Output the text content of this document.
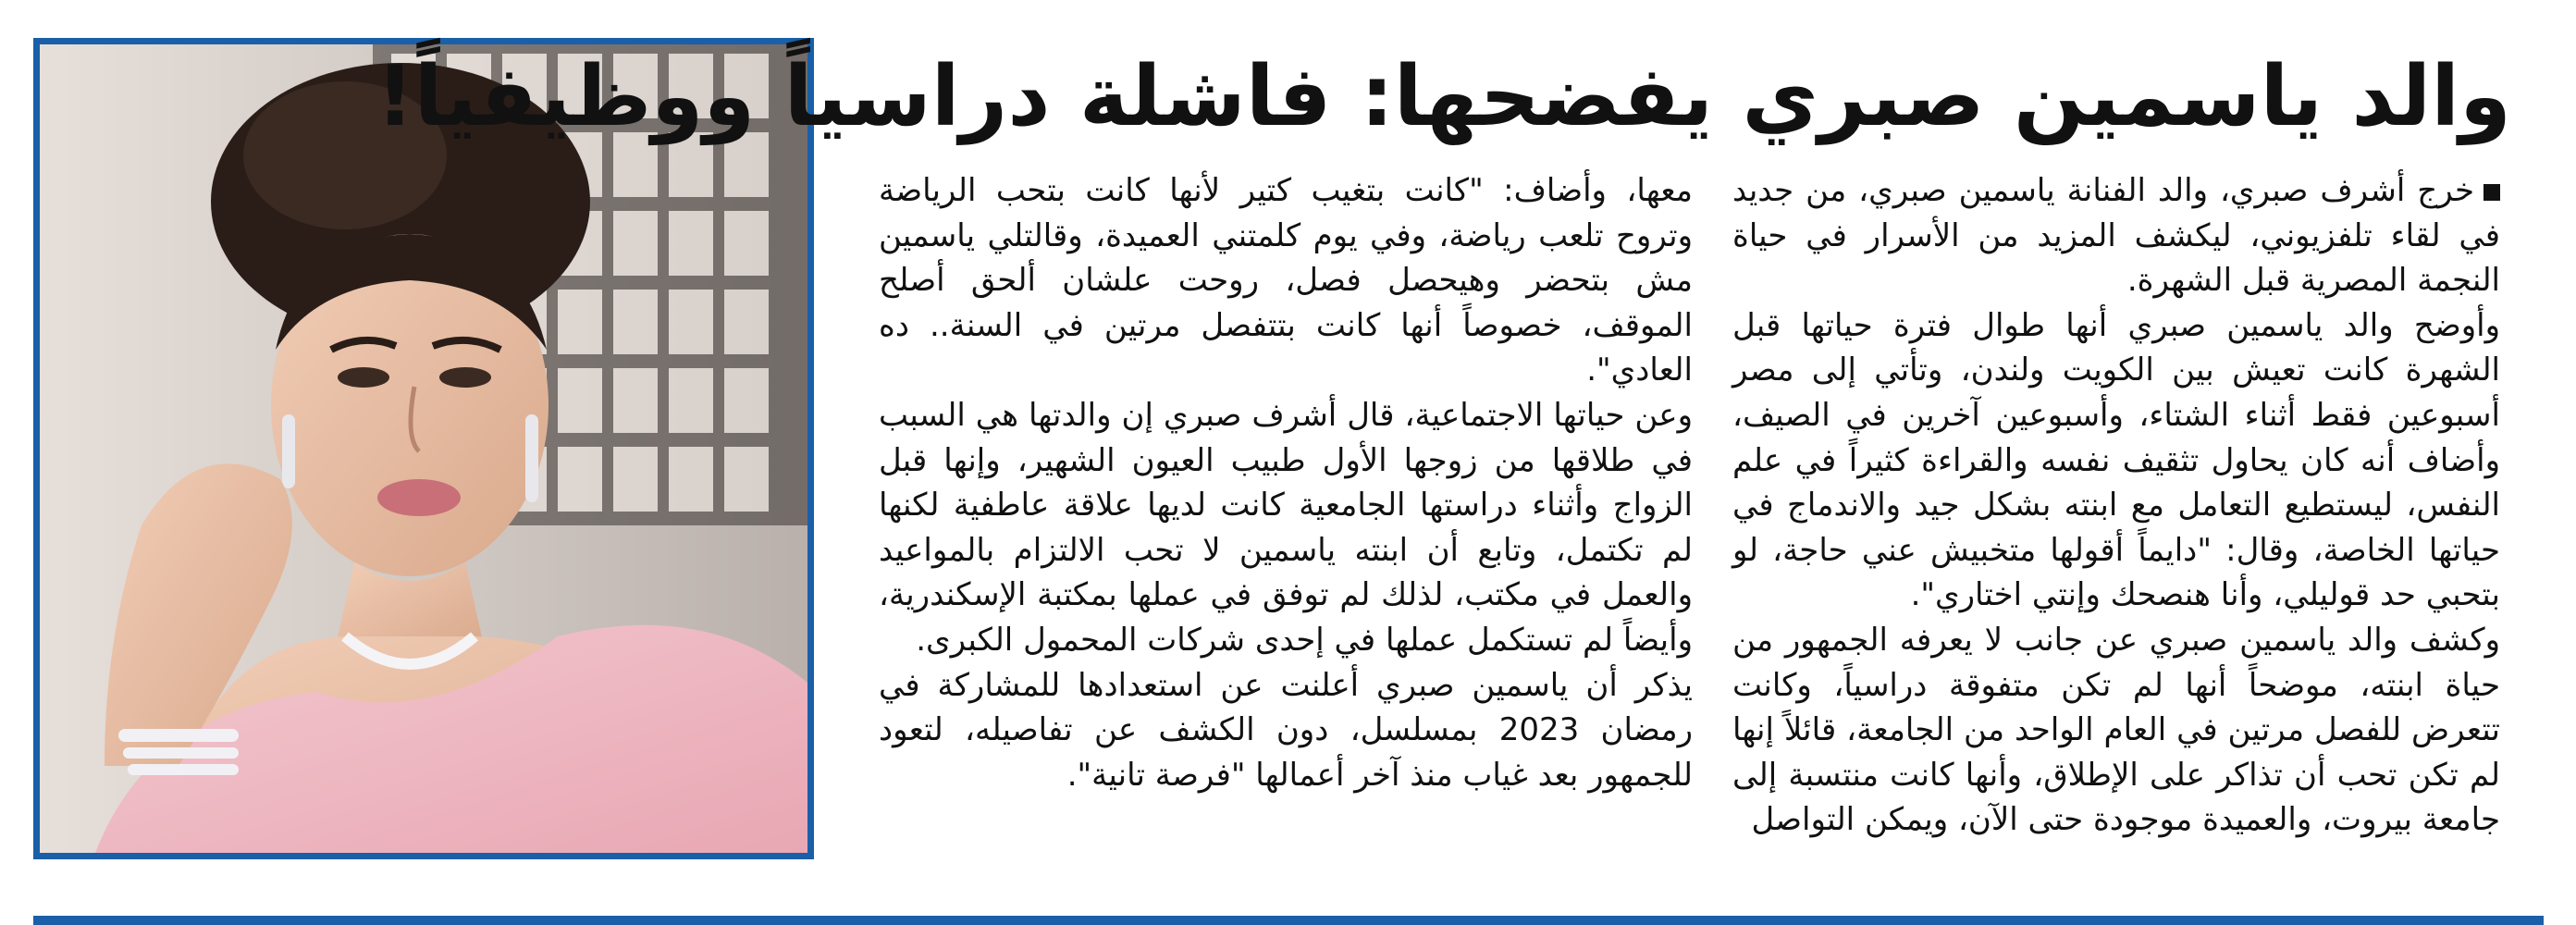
والد ياسمين صبري يفضحها: فاشلة دراسياً ووظيفياً!

خرج أشرف صبري، والد الفنانة ياسمين صبري، من جديد في لقاء تلفزيوني، ليكشف المزيد من الأسرار في حياة النجمة المصرية قبل الشهرة.

وأوضح والد ياسمين صبري أنها طوال فترة حياتها قبل الشهرة كانت تعيش بين الكويت ولندن، وتأتي إلى مصر أسبوعين فقط أثناء الشتاء، وأسبوعين آخرين في الصيف، وأضاف أنه كان يحاول تثقيف نفسه والقراءة كثيراً في علم النفس، ليستطيع التعامل مع ابنته بشكل جيد والاندماج في حياتها الخاصة، وقال: "دايماً أقولها متخبيش عني حاجة، لو بتحبي حد قوليلي، وأنا هنصحك وإنتي اختاري".

وكشف والد ياسمين صبري عن جانب لا يعرفه الجمهور من حياة ابنته، موضحاً أنها لم تكن متفوقة دراسياً، وكانت تتعرض للفصل مرتين في العام الواحد من الجامعة، قائلاً إنها لم تكن تحب أن تذاكر على الإطلاق، وأنها كانت منتسبة إلى جامعة بيروت، والعميدة موجودة حتى الآن، ويمكن التواصل

معها، وأضاف: "كانت بتغيب كتير لأنها كانت بتحب الرياضة وتروح تلعب رياضة، وفي يوم كلمتني العميدة، وقالتلي ياسمين مش بتحضر وهيحصل فصل، روحت علشان ألحق أصلح الموقف، خصوصاً أنها كانت بتتفصل مرتين في السنة.. ده العادي".

وعن حياتها الاجتماعية، قال أشرف صبري إن والدتها هي السبب في طلاقها من زوجها الأول طبيب العيون الشهير، وإنها قبل الزواج وأثناء دراستها الجامعية كانت لديها علاقة عاطفية لكنها لم تكتمل، وتابع أن ابنته ياسمين لا تحب الالتزام بالمواعيد والعمل في مكتب، لذلك لم توفق في عملها بمكتبة الإسكندرية، وأيضاً لم تستكمل عملها في إحدى شركات المحمول الكبرى.

يذكر أن ياسمين صبري أعلنت عن استعدادها للمشاركة في رمضان 2023 بمسلسل، دون الكشف عن تفاصيله، لتعود للجمهور بعد غياب منذ آخر أعمالها "فرصة تانية".
